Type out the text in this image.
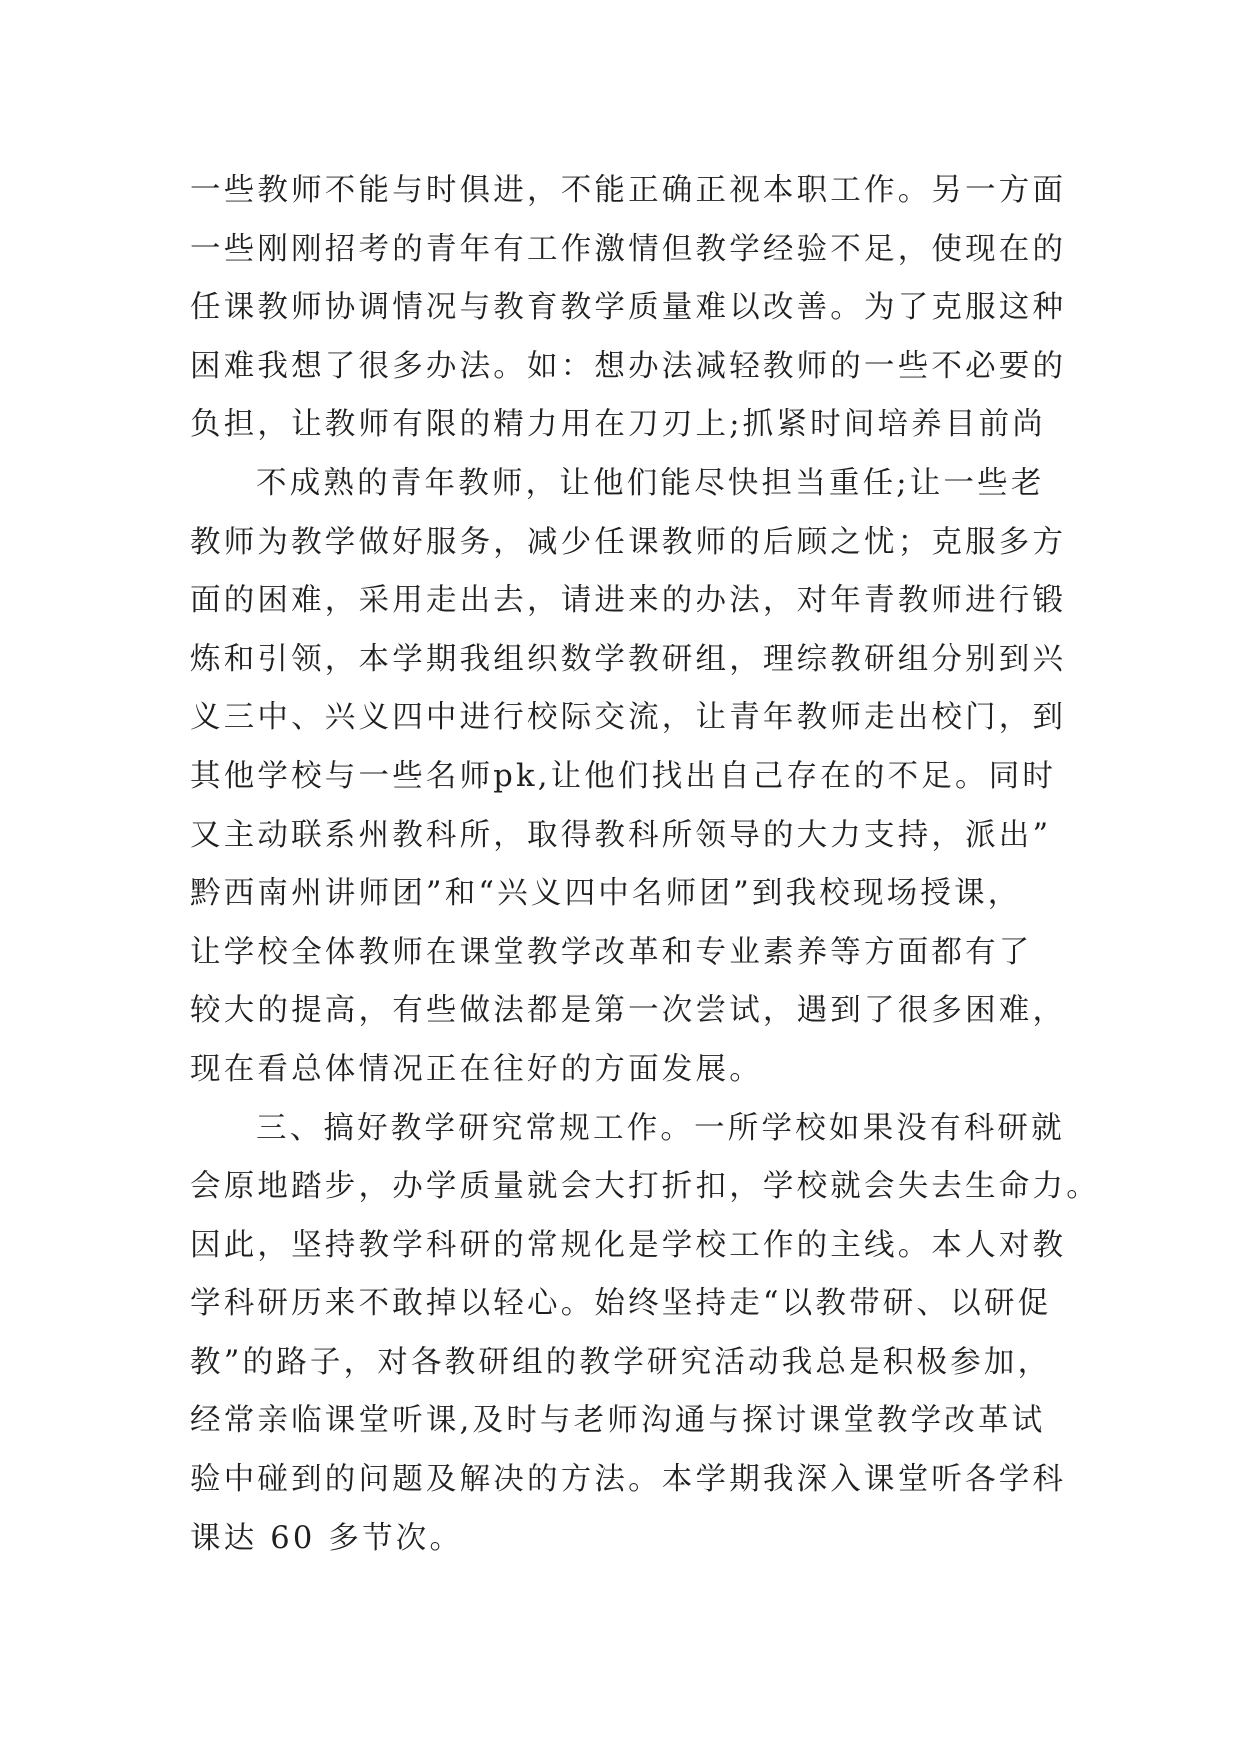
一些教师不能与时俱进，不能正确正视本职工作。另一方面
一些刚刚招考的青年有工作激情但教学经验不足，使现在的
任课教师协调情况与教育教学质量难以改善。为了克服这种
困难我想了很多办法。如：想办法减轻教师的一些不必要的
负担，让教师有限的精力用在刀刃上;抓紧时间培养目前尚
不成熟的青年教师，让他们能尽快担当重任;让一些老
教师为教学做好服务，减少任课教师的后顾之忧；克服多方
面的困难，采用走出去，请进来的办法，对年青教师进行锻
炼和引领，本学期我组织数学教研组，理综教研组分别到兴
义三中、兴义四中进行校际交流，让青年教师走出校门，到
其他学校与一些名师pk,让他们找出自己存在的不足。同时
又主动联系州教科所，取得教科所领导的大力支持，派出”
黔西南州讲师团”和“兴义四中名师团”到我校现场授课，
让学校全体教师在课堂教学改革和专业素养等方面都有了
较大的提高，有些做法都是第一次尝试，遇到了很多困难，
现在看总体情况正在往好的方面发展。
三、搞好教学研究常规工作。一所学校如果没有科研就
会原地踏步，办学质量就会大打折扣，学校就会失去生命力。
因此，坚持教学科研的常规化是学校工作的主线。本人对教
学科研历来不敢掉以轻心。始终坚持走“以教带研、以研促
教”的路子，对各教研组的教学研究活动我总是积极参加，
经常亲临课堂听课,及时与老师沟通与探讨课堂教学改革试
验中碰到的问题及解决的方法。本学期我深入课堂听各学科
课达 60 多节次。
